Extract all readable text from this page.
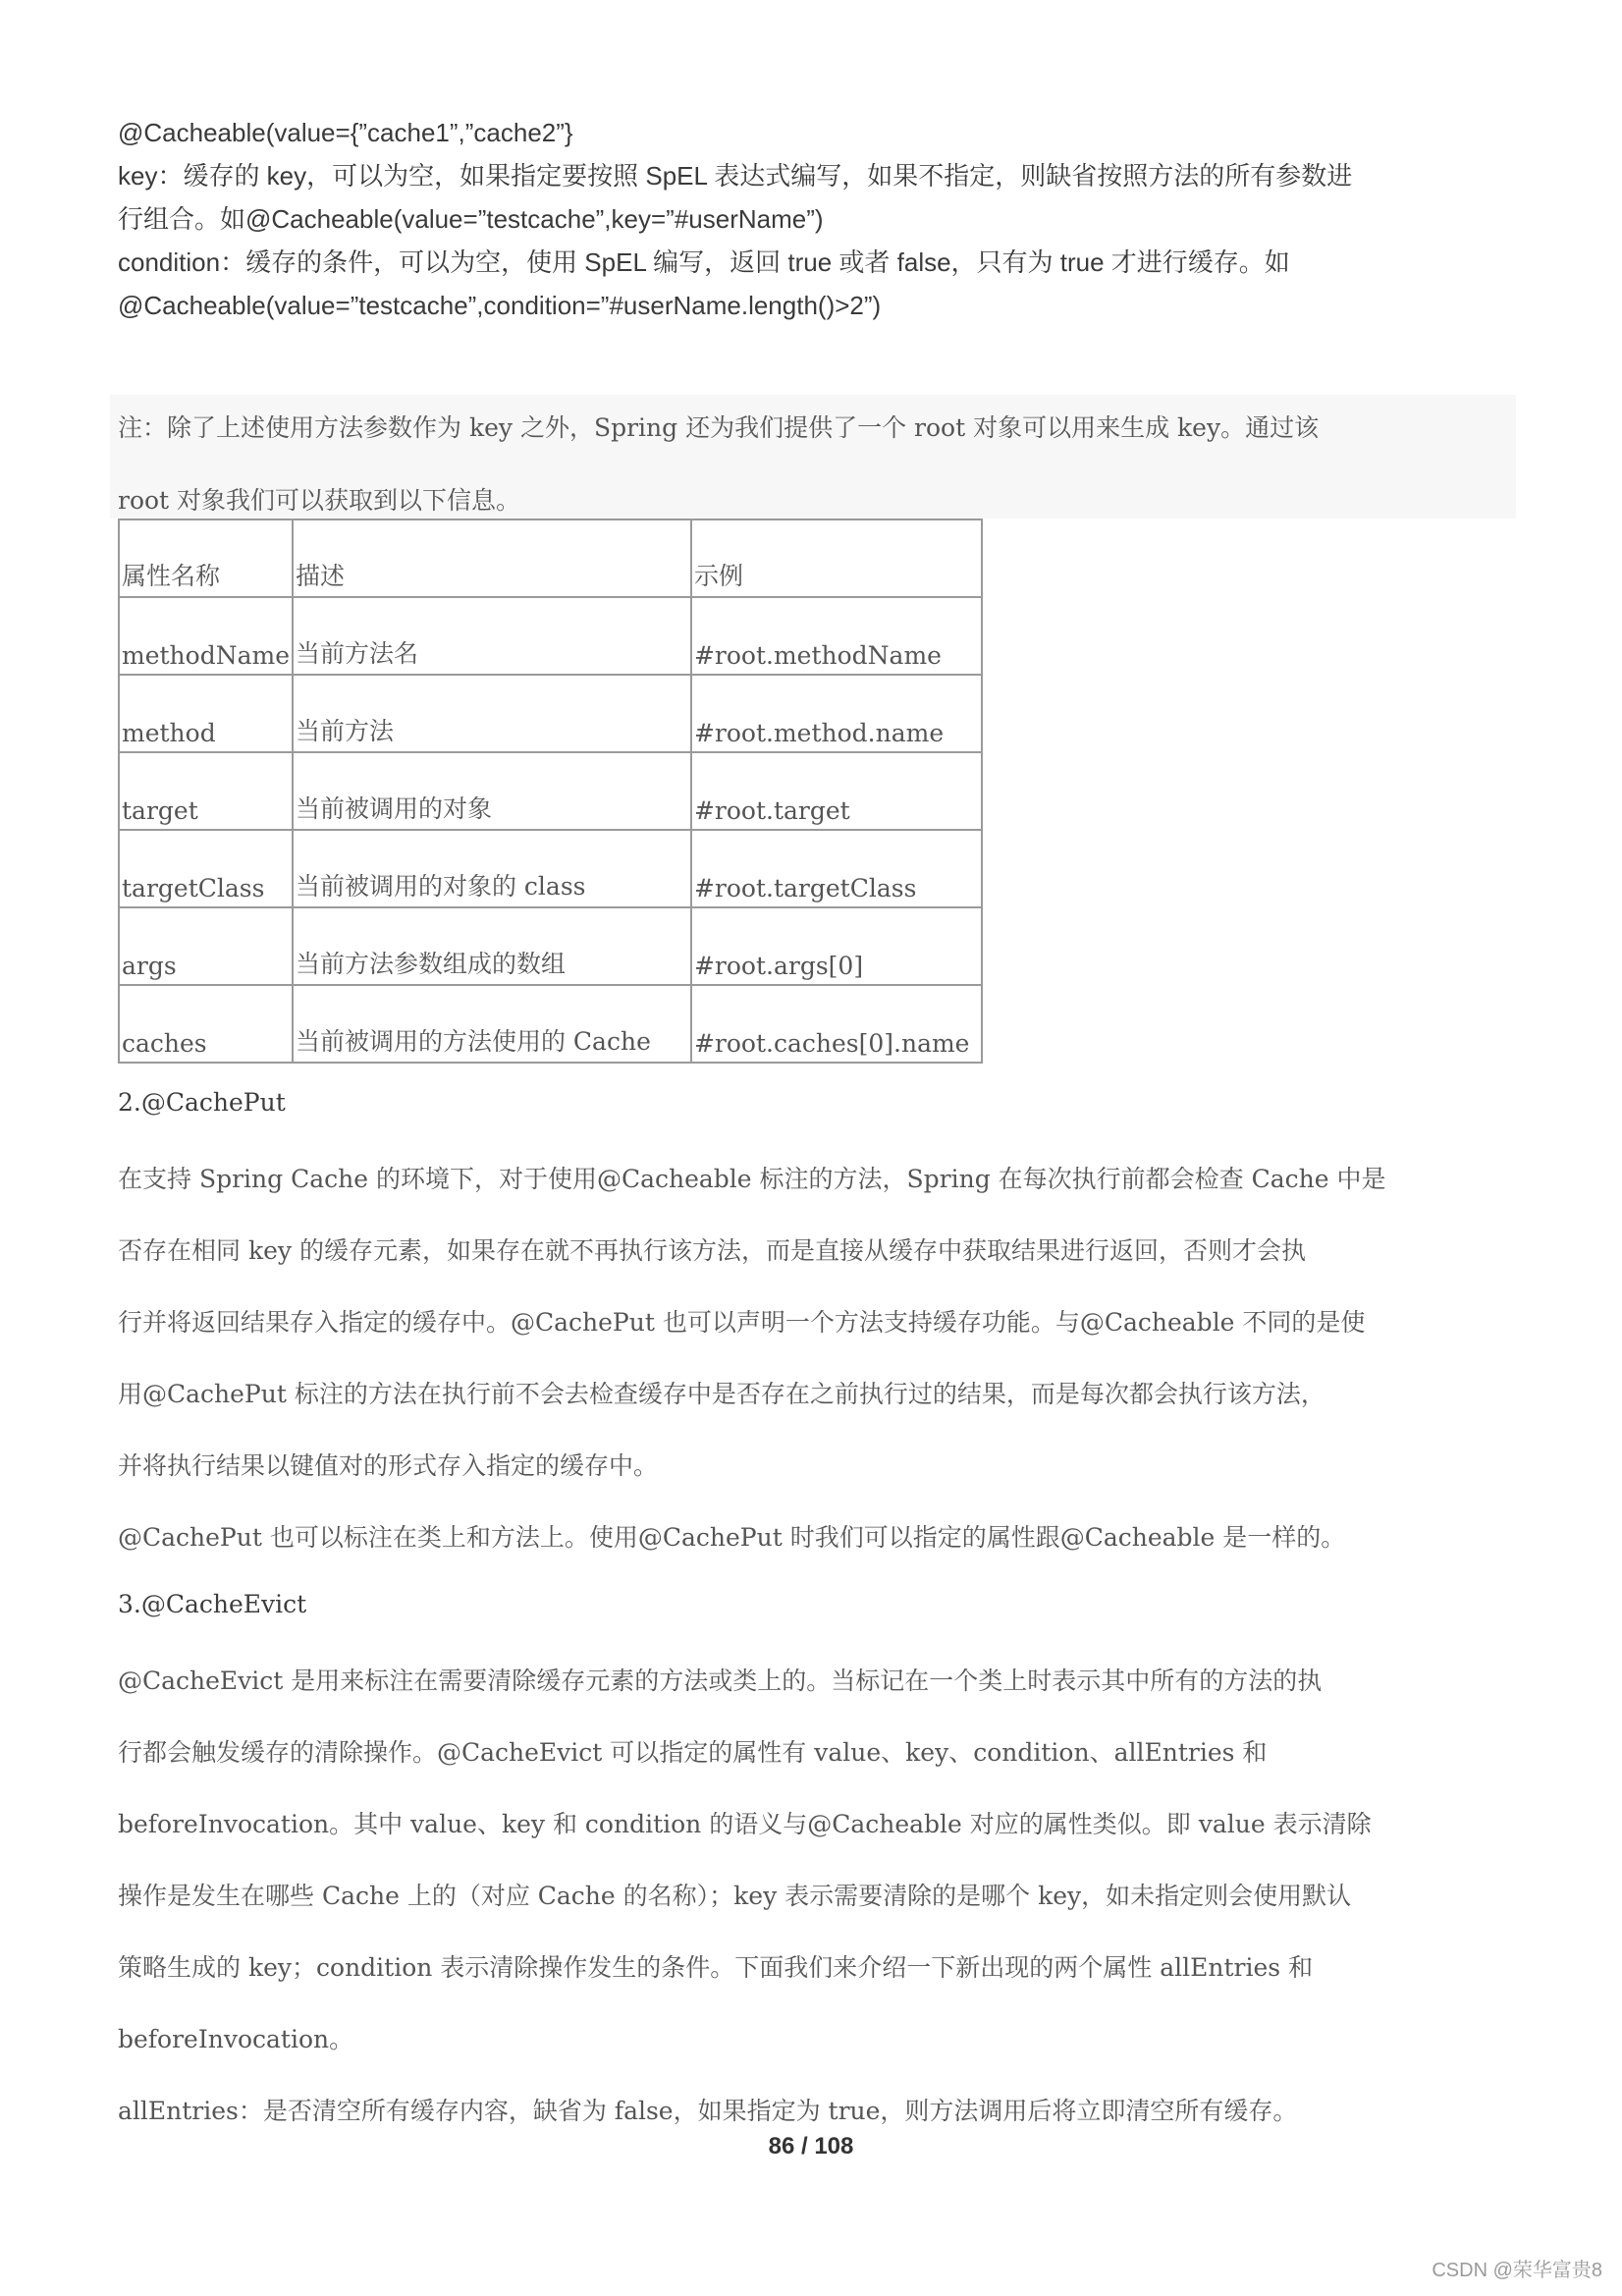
@Cacheable(value={”cache1”,”cache2”}
key：缓存的 key，可以为空，如果指定要按照 SpEL 表达式编写，如果不指定，则缺省按照方法的所有参数进
行组合。如@Cacheable(value=”testcache”,key=”#userName”)
condition：缓存的条件，可以为空，使用 SpEL 编写，返回 true 或者 false，只有为 true 才进行缓存。如
@Cacheable(value=”testcache”,condition=”#userName.length()>2”)
注：除了上述使用方法参数作为 key 之外，Spring 还为我们提供了一个 root 对象可以用来生成 key。通过该
root 对象我们可以获取到以下信息。
属性名称	描述	示例
methodName	当前方法名	#root.methodName
method	当前方法	#root.method.name
target	当前被调用的对象	#root.target
targetClass	当前被调用的对象的 class	#root.targetClass
args	当前方法参数组成的数组	#root.args[0]
caches	当前被调用的方法使用的 Cache	#root.caches[0].name
2.@CachePut
在支持 Spring Cache 的环境下，对于使用@Cacheable 标注的方法，Spring 在每次执行前都会检查 Cache 中是
否存在相同 key 的缓存元素，如果存在就不再执行该方法，而是直接从缓存中获取结果进行返回，否则才会执
行并将返回结果存入指定的缓存中。@CachePut 也可以声明一个方法支持缓存功能。与@Cacheable 不同的是使
用@CachePut 标注的方法在执行前不会去检查缓存中是否存在之前执行过的结果，而是每次都会执行该方法，
并将执行结果以键值对的形式存入指定的缓存中。
@CachePut 也可以标注在类上和方法上。使用@CachePut 时我们可以指定的属性跟@Cacheable 是一样的。
3.@CacheEvict
@CacheEvict 是用来标注在需要清除缓存元素的方法或类上的。当标记在一个类上时表示其中所有的方法的执
行都会触发缓存的清除操作。@CacheEvict 可以指定的属性有 value、key、condition、allEntries 和
beforeInvocation。其中 value、key 和 condition 的语义与@Cacheable 对应的属性类似。即 value 表示清除
操作是发生在哪些 Cache 上的（对应 Cache 的名称）；key 表示需要清除的是哪个 key，如未指定则会使用默认
策略生成的 key；condition 表示清除操作发生的条件。下面我们来介绍一下新出现的两个属性 allEntries 和
beforeInvocation。
allEntries：是否清空所有缓存内容，缺省为 false，如果指定为 true，则方法调用后将立即清空所有缓存。
86 / 108
CSDN @荣华富贵8
